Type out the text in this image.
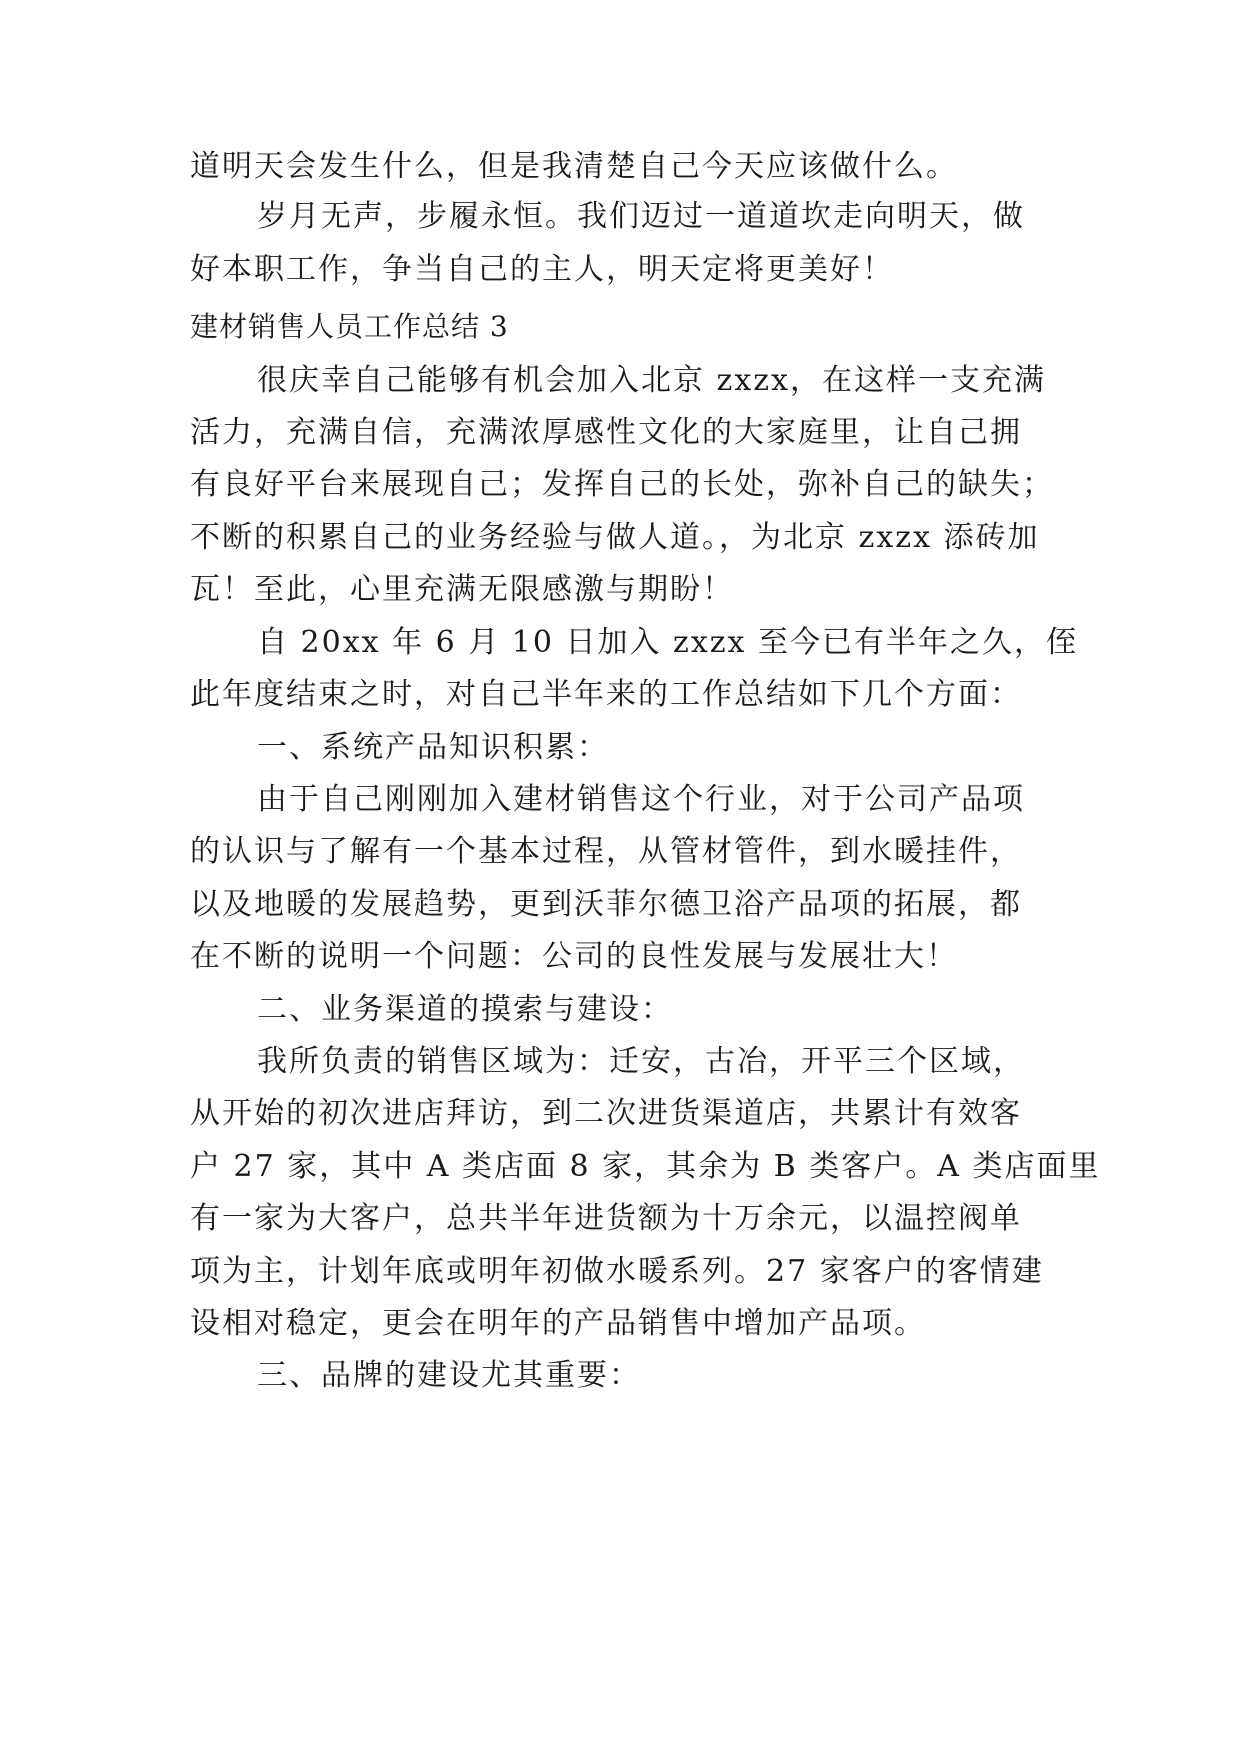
道明天会发生什么，但是我清楚自己今天应该做什么。
岁月无声，步履永恒。我们迈过一道道坎走向明天，做
好本职工作，争当自己的主人，明天定将更美好！
建材销售人员工作总结 3
很庆幸自己能够有机会加入北京 zxzx，在这样一支充满
活力，充满自信，充满浓厚感性文化的大家庭里，让自己拥
有良好平台来展现自己；发挥自己的长处，弥补自己的缺失；
不断的积累自己的业务经验与做人道。，为北京 zxzx 添砖加
瓦！至此，心里充满无限感激与期盼！
自 20xx 年 6 月 10 日加入 zxzx 至今已有半年之久，侄
此年度结束之时，对自己半年来的工作总结如下几个方面：
一、系统产品知识积累：
由于自己刚刚加入建材销售这个行业，对于公司产品项
的认识与了解有一个基本过程，从管材管件，到水暖挂件，
以及地暖的发展趋势，更到沃菲尔德卫浴产品项的拓展，都
在不断的说明一个问题：公司的良性发展与发展壮大！
二、业务渠道的摸索与建设：
我所负责的销售区域为：迁安，古冶，开平三个区域，
从开始的初次进店拜访，到二次进货渠道店，共累计有效客
户 27 家，其中 A 类店面 8 家，其余为 B 类客户。A 类店面里
有一家为大客户，总共半年进货额为十万余元，以温控阀单
项为主，计划年底或明年初做水暖系列。27 家客户的客情建
设相对稳定，更会在明年的产品销售中增加产品项。
三、品牌的建设尤其重要：
